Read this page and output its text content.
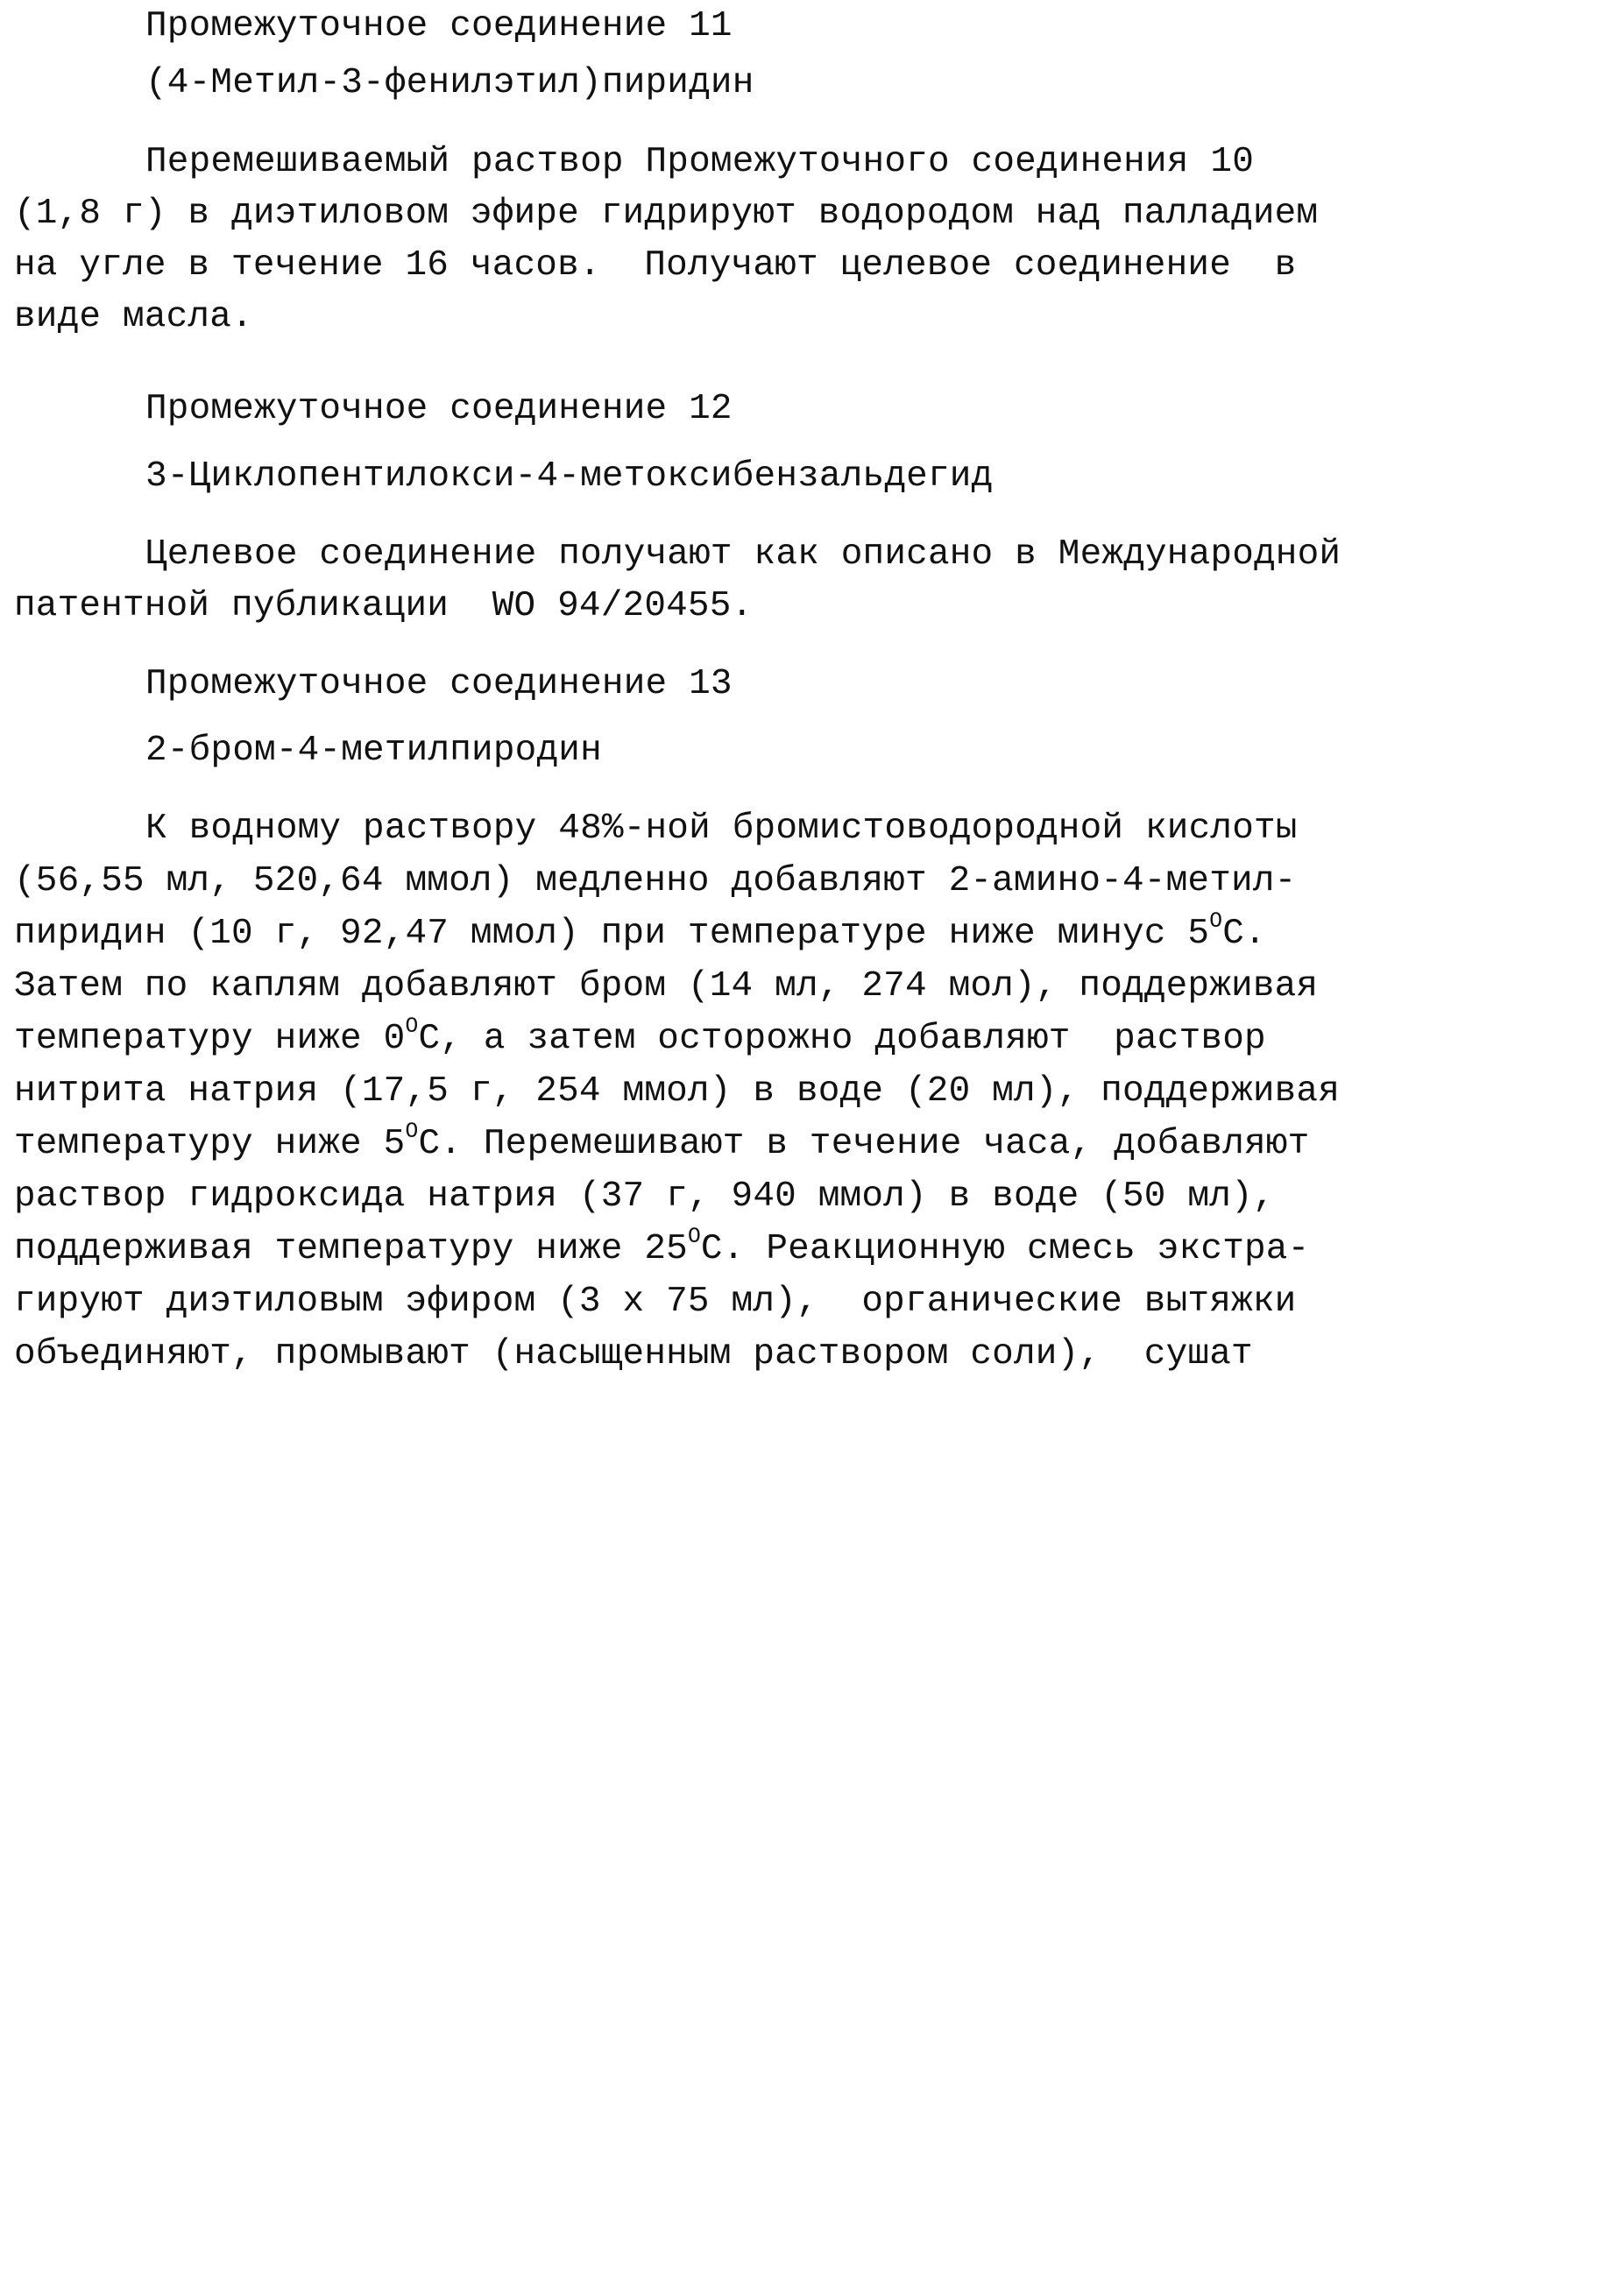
Промежуточное соединение 11
(4-Метил-3-фенилэтил)пиридин
Перемешиваемый раствор Промежуточного соединения 10
(1,8 г) в диэтиловом эфире гидрируют водородом над палладием
на угле в течение 16 часов.  Получают целевое соединение  в
виде масла.
Промежуточное соединение 12
3-Циклопентилокси-4-метоксибензальдегид
Целевое соединение получают как описано в Международной
патентной публикации  WO 94/20455.
Промежуточное соединение 13
2-бром-4-метилпиродин
К водному раствору 48%-ной бромистоводородной кислоты
(56,55 мл, 520,64 ммол) медленно добавляют 2-амино-4-метил-
пиридин (10 г, 92,47 ммол) при температуре ниже минус $5^OC$.
Затем по каплям добавляют бром (14 мл, 274 мол), поддерживая
температуру ниже $0^OC$, а затем осторожно добавляют  раствор
нитрита натрия (17,5 г, 254 ммол) в воде (20 мл), поддерживая
температуру ниже $5^OC$. Перемешивают в течение часа, добавляют
раствор гидроксида натрия (37 г, 940 ммол) в воде (50 мл),
поддерживая температуру ниже $25^OC$. Реакционную смесь экстра-
гируют диэтиловым эфиром (3 х 75 мл),  органические вытяжки
объединяют, промывают (насыщенным раствором соли),  сушат
